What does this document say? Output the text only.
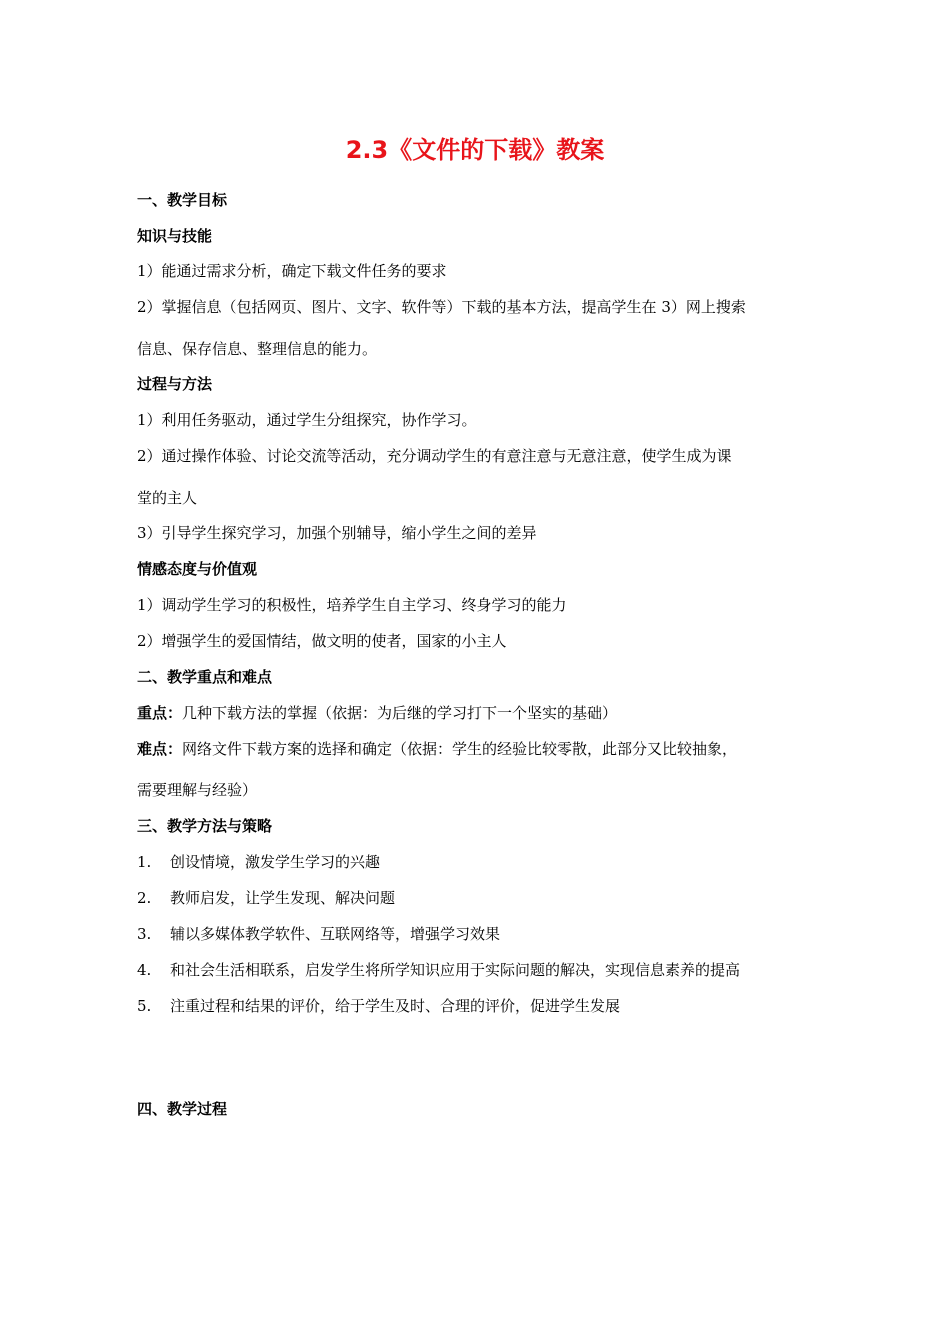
2.3《文件的下载》教案
一、教学目标
知识与技能
1）能通过需求分析，确定下载文件任务的要求
2）掌握信息（包括网页、图片、文字、软件等）下载的基本方法，提高学生在 3）网上搜索
信息、保存信息、整理信息的能力。
过程与方法
1）利用任务驱动，通过学生分组探究，协作学习。
2）通过操作体验、讨论交流等活动，充分调动学生的有意注意与无意注意，使学生成为课
堂的主人
3）引导学生探究学习，加强个别辅导，缩小学生之间的差异
情感态度与价值观
1）调动学生学习的积极性，培养学生自主学习、终身学习的能力
2）增强学生的爱国情结，做文明的使者，国家的小主人
二、教学重点和难点
重点：几种下载方法的掌握（依据：为后继的学习打下一个坚实的基础）
难点：网络文件下载方案的选择和确定（依据：学生的经验比较零散，此部分又比较抽象，
需要理解与经验）
三、教学方法与策略
1. 创设情境，激发学生学习的兴趣
2. 教师启发，让学生发现、解决问题
3. 辅以多媒体教学软件、互联网络等，增强学习效果
4. 和社会生活相联系，启发学生将所学知识应用于实际问题的解决，实现信息素养的提高
5. 注重过程和结果的评价，给于学生及时、合理的评价，促进学生发展
四、教学过程
